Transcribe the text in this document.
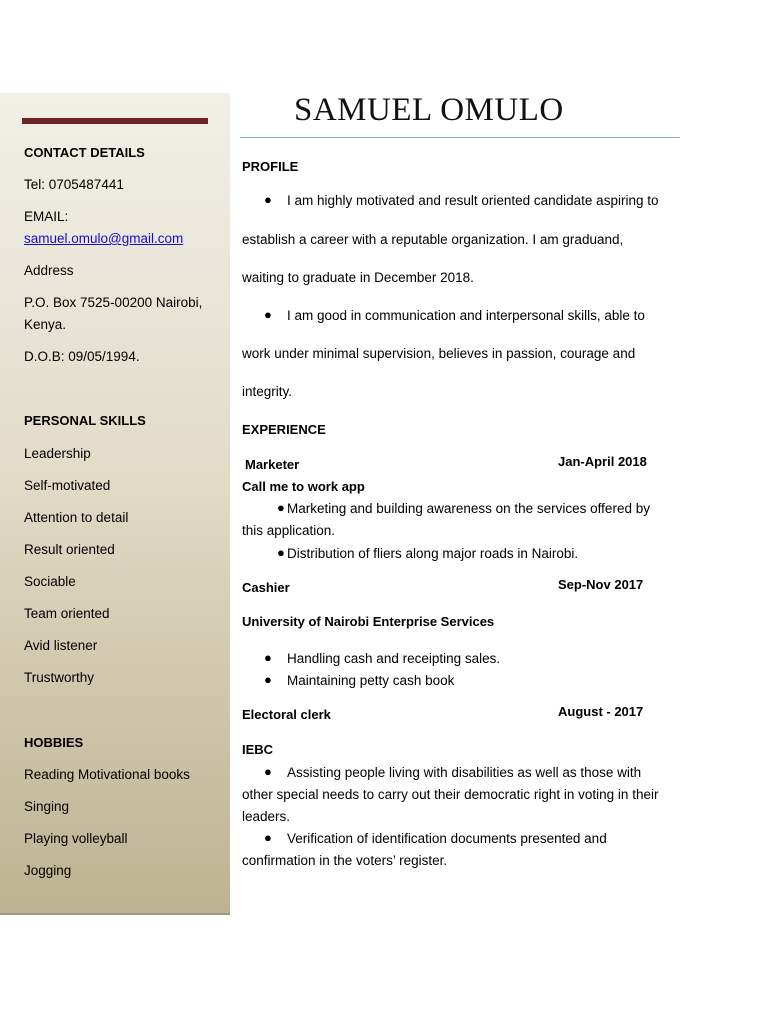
CONTACT DETAILS
Tel: 0705487441
EMAIL:
samuel.omulo@gmail.com
Address
P.O. Box 7525-00200 Nairobi,
Kenya.
D.O.B: 09/05/1994.
PERSONAL SKILLS
Leadership
Self-motivated
Attention to detail
Result oriented
Sociable
Team oriented
Avid listener
Trustworthy
HOBBIES
Reading Motivational books
Singing
Playing volleyball
Jogging
SAMUEL OMULO
PROFILE
● I am highly motivated and result oriented candidate aspiring to
establish a career with a reputable organization. I am graduand,
waiting to graduate in December 2018.
● I am good in communication and interpersonal skills, able to
work under minimal supervision, believes in passion, courage and
integrity.
EXPERIENCE
Marketer	Jan-April 2018
Call me to work app
● Marketing and building awareness on the services offered by
this application.
● Distribution of fliers along major roads in Nairobi.
Cashier	Sep-Nov 2017
University of Nairobi Enterprise Services
● Handling cash and receipting sales.
● Maintaining petty cash book
Electoral clerk	August - 2017
IEBC
● Assisting people living with disabilities as well as those with
other special needs to carry out their democratic right in voting in their
leaders.
● Verification of identification documents presented and
confirmation in the voters’ register.
